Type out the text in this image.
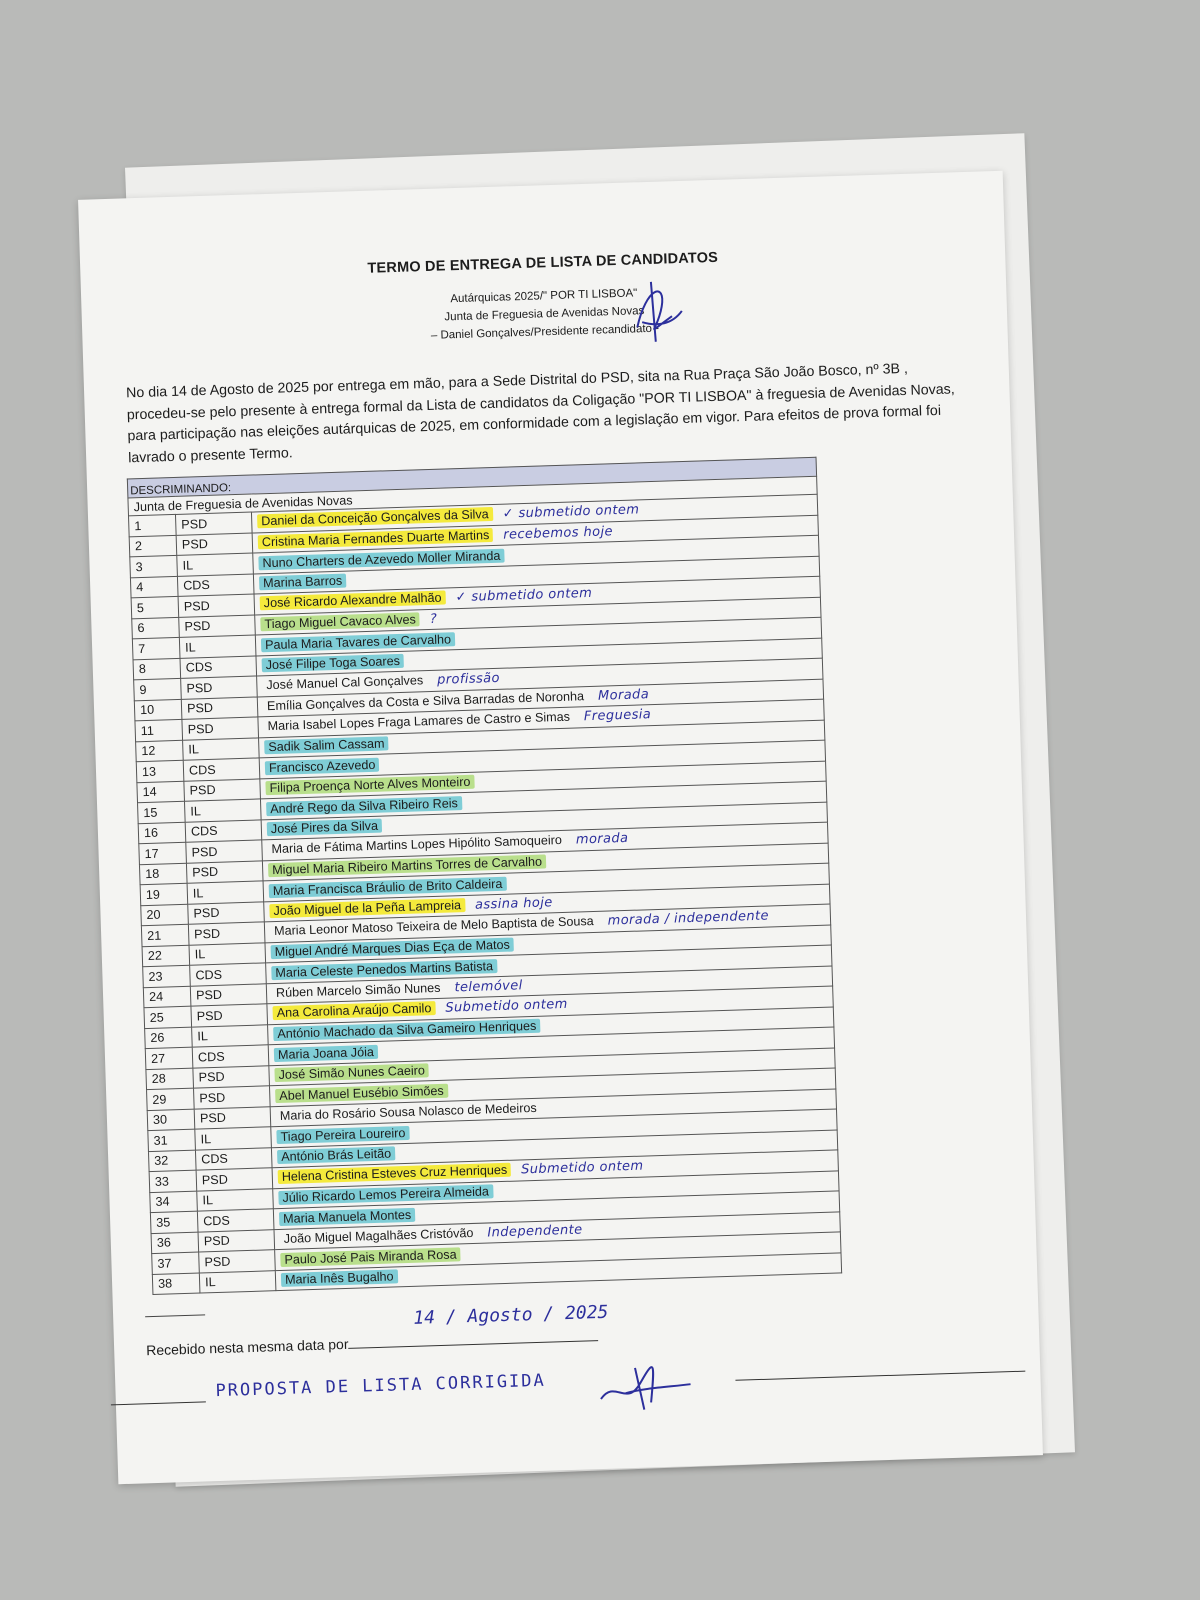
TERMO DE ENTREGA DE LISTA DE CANDIDATOS
Autárquicas 2025/" POR TI LISBOA"
Junta de Freguesia de Avenidas Novas
– Daniel Gonçalves/Presidente recandidato -
No dia 14 de Agosto de 2025 por entrega em mão, para a Sede Distrital do PSD, sita na Rua Praça São João Bosco, nº 3B , procedeu-se pelo presente à entrega formal da Lista de candidatos da Coligação "POR TI LISBOA" à freguesia de Avenidas Novas, para participação nas eleições autárquicas de 2025, em conformidade com a legislação em vigor. Para efeitos de prova formal foi lavrado o presente Termo.
DESCRIMINANDO:
Junta de Freguesia de Avenidas Novas		
1	PSD	Daniel da Conceição Gonçalves da Silva ✓ submetido ontem
2	PSD	Cristina Maria Fernandes Duarte Martins recebemos hoje
3	IL	Nuno Charters de Azevedo Moller Miranda
4	CDS	Marina Barros
5	PSD	José Ricardo Alexandre Malhão ✓ submetido ontem
6	PSD	Tiago Miguel Cavaco Alves ?
7	IL	Paula Maria Tavares de Carvalho
8	CDS	José Filipe Toga Soares
9	PSD	José Manuel Cal Gonçalves profissão
10	PSD	Emília Gonçalves da Costa e Silva Barradas de Noronha Morada
11	PSD	Maria Isabel Lopes Fraga Lamares de Castro e Simas Freguesia
12	IL	Sadik Salim Cassam
13	CDS	Francisco Azevedo
14	PSD	Filipa Proença Norte Alves Monteiro
15	IL	André Rego da Silva Ribeiro Reis
16	CDS	José Pires da Silva
17	PSD	Maria de Fátima Martins Lopes Hipólito Samoqueiro morada
18	PSD	Miguel Maria Ribeiro Martins Torres de Carvalho
19	IL	Maria Francisca Bráulio de Brito Caldeira
20	PSD	João Miguel de la Peña Lampreia assina hoje
21	PSD	Maria Leonor Matoso Teixeira de Melo Baptista de Sousa morada / independente
22	IL	Miguel André Marques Dias Eça de Matos
23	CDS	Maria Celeste Penedos Martins Batista
24	PSD	Rúben Marcelo Simão Nunes telemóvel
25	PSD	Ana Carolina Araújo Camilo Submetido ontem
26	IL	António Machado da Silva Gameiro Henriques
27	CDS	Maria Joana Jóia
28	PSD	José Simão Nunes Caeiro
29	PSD	Abel Manuel Eusébio Simões
30	PSD	Maria do Rosário Sousa Nolasco de Medeiros
31	IL	Tiago Pereira Loureiro
32	CDS	António Brás Leitão
33	PSD	Helena Cristina Esteves Cruz Henriques Submetido ontem
34	IL	Júlio Ricardo Lemos Pereira Almeida
35	CDS	Maria Manuela Montes
36	PSD	João Miguel Magalhães Cristóvão Independente
37	PSD	Paulo José Pais Miranda Rosa
38	IL	Maria Inês Bugalho
Recebido nesta mesma data por
14 / Agosto / 2025
PROPOSTA DE LISTA CORRIGIDA
